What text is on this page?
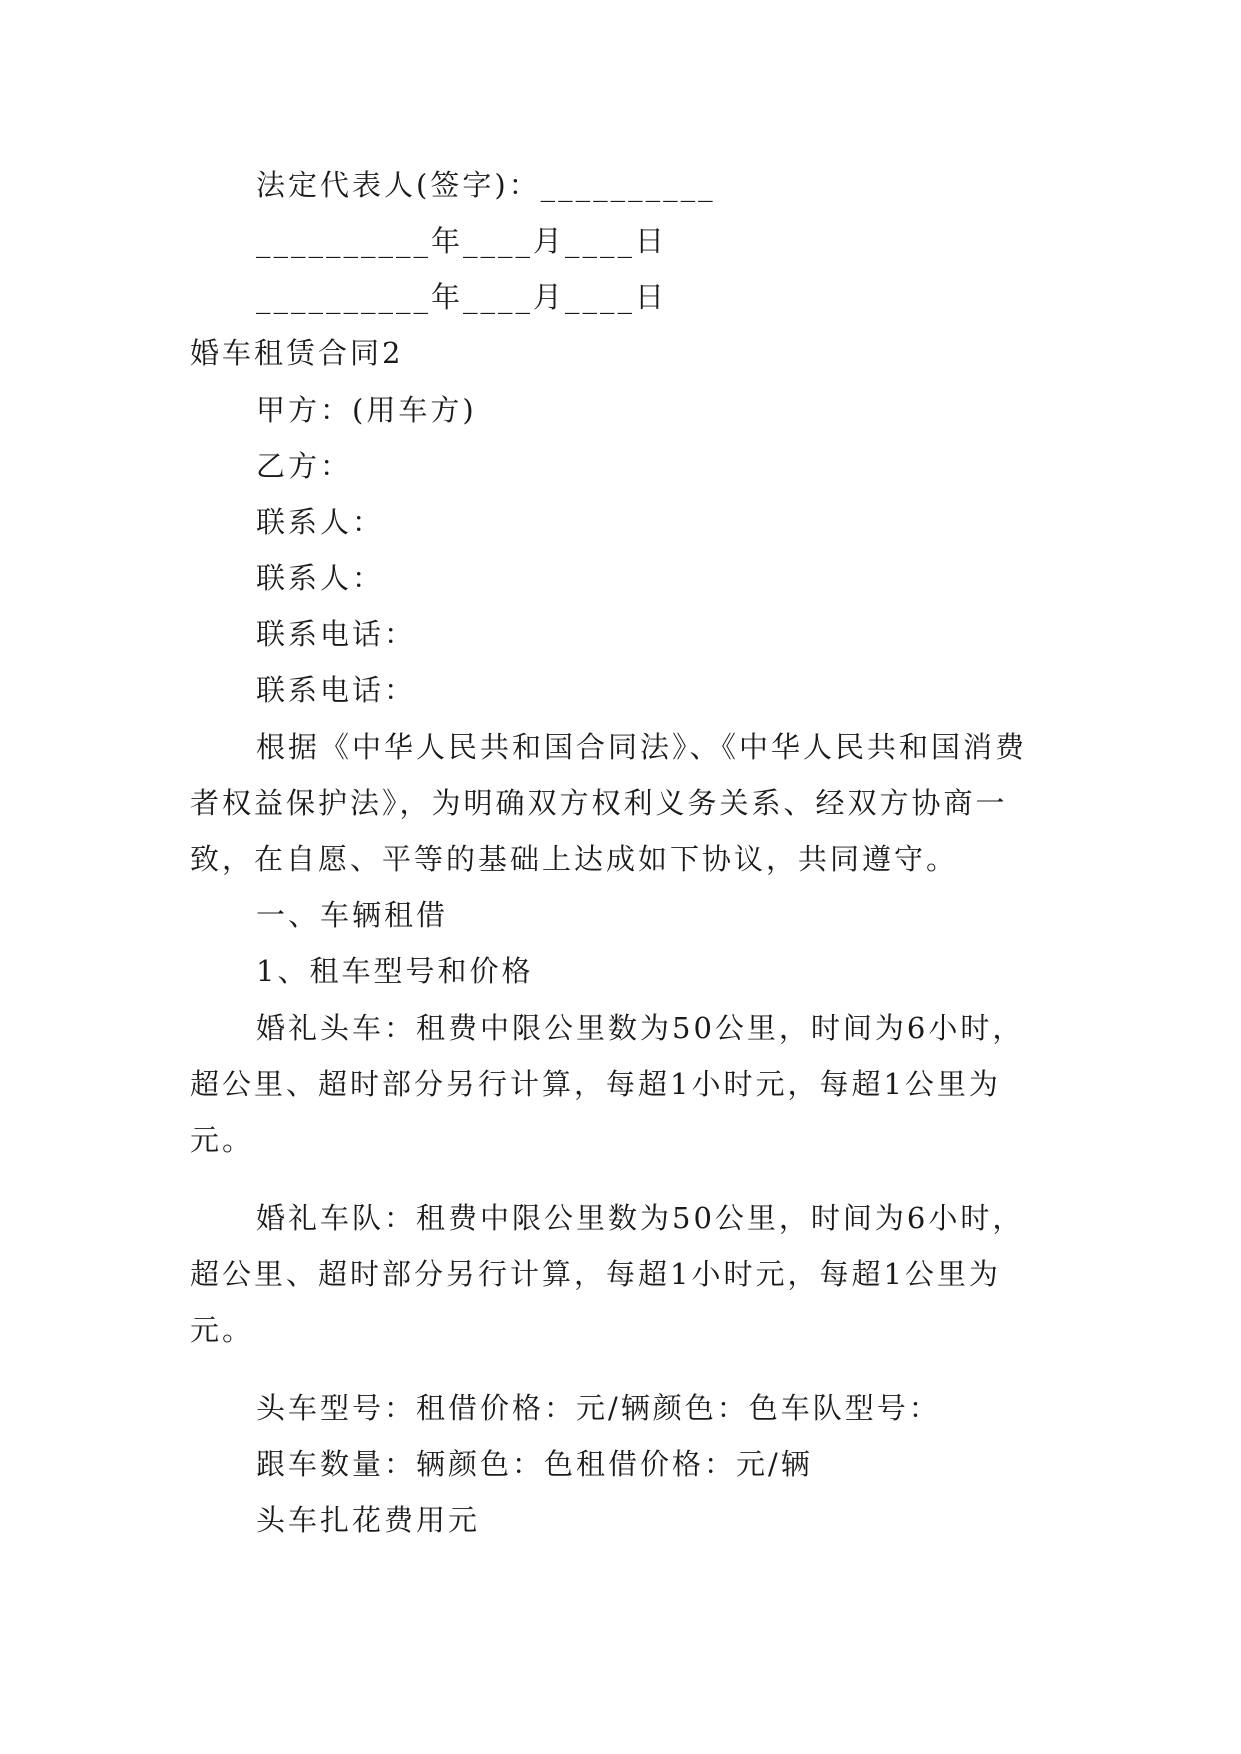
法定代表人(签字)：__________
__________年____月____日
__________年____月____日
婚车租赁合同2
甲方：(用车方)
乙方：
联系人：
联系人：
联系电话：
联系电话：
根据《中华人民共和国合同法》、《中华人民共和国消费
者权益保护法》，为明确双方权利义务关系、经双方协商一
致，在自愿、平等的基础上达成如下协议，共同遵守。
一、车辆租借
1、租车型号和价格
婚礼头车：租费中限公里数为50公里，时间为6小时，
超公里、超时部分另行计算，每超1小时元，每超1公里为
元。
婚礼车队：租费中限公里数为50公里，时间为6小时，
超公里、超时部分另行计算，每超1小时元，每超1公里为
元。
头车型号：租借价格：元/辆颜色：色车队型号：
跟车数量：辆颜色：色租借价格：元/辆
头车扎花费用元
